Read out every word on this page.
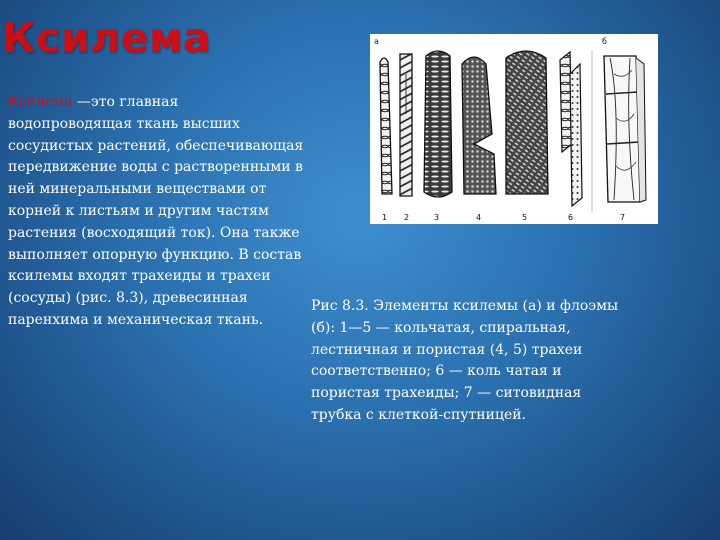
Ксилема
Ксилема —это главная
водопроводящая ткань высших
сосудистых растений, обеспечивающая
передвижение воды с растворенными в
ней минеральными веществами от
корней к листьям и другим частям
растения (восходящий ток). Она также
выполняет опорную функцию. В состав
ксилемы входят трахеиды и трахеи
(сосуды) (рис. 8.3), древесинная
паренхима и механическая ткань.
а	б
1 2	3	4	5	6	7
Рис 8.3. Элементы ксилемы (а) и флоэмы
(б): 1—5 — кольчатая, спиральная,
лестничная и пористая (4, 5) трахеи
соответственно; 6 — коль чатая и
пористая трахеиды; 7 — ситовидная
трубка с клеткой-спутницей.
